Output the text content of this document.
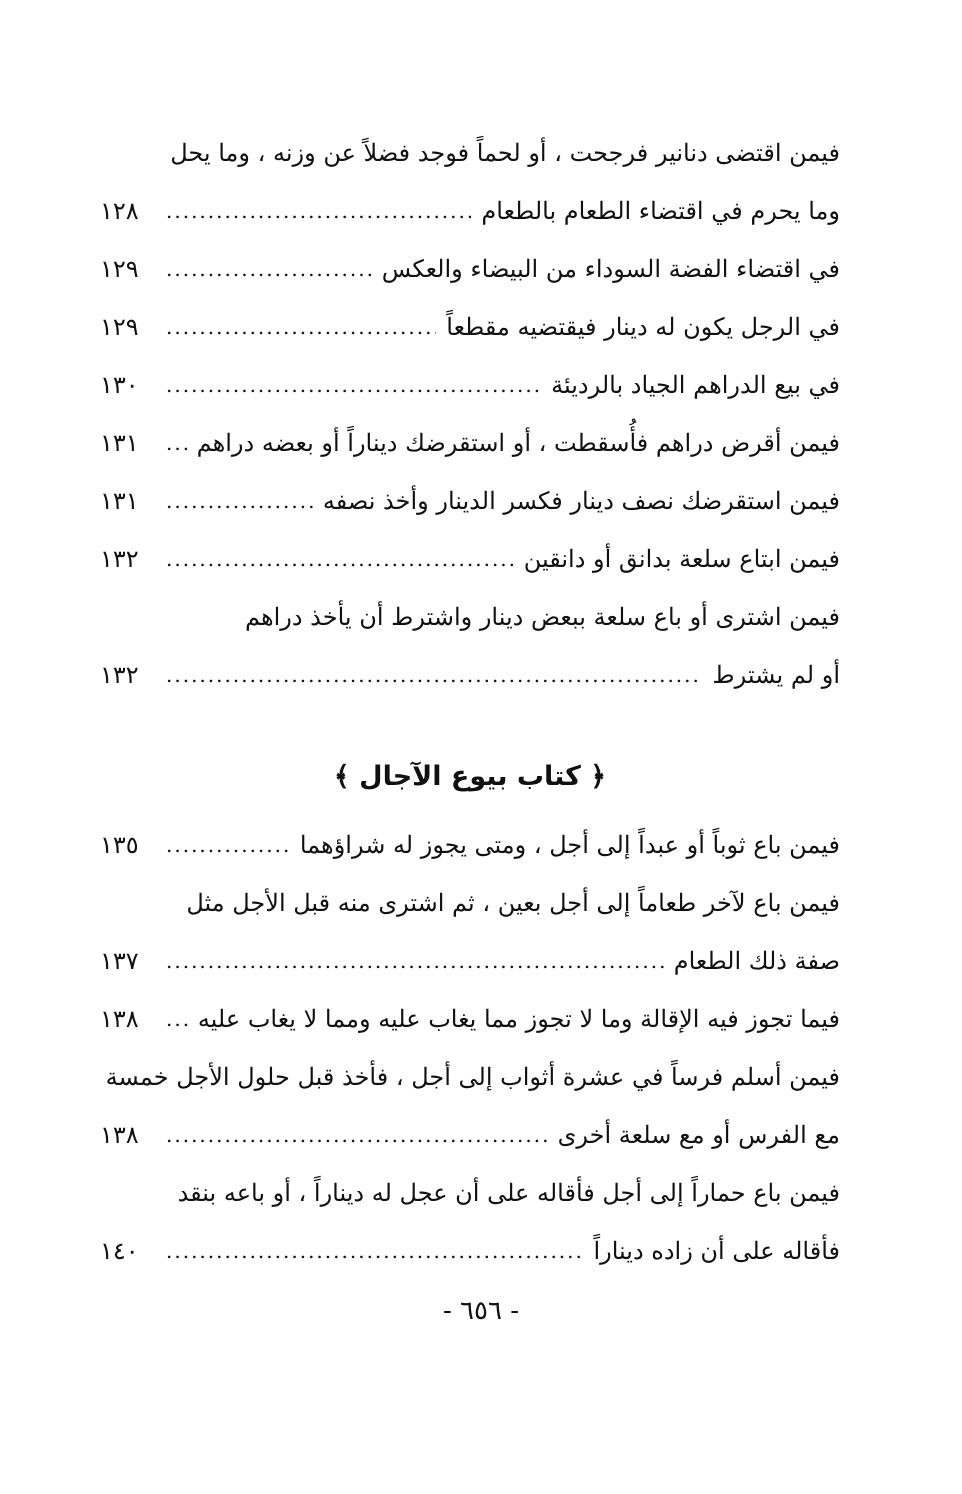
فيمن اقتضى دنانير فرجحت ، أو لحماً فوجد فضلاً عن وزنه ، وما يحل
وما يحرم في اقتضاء الطعام بالطعام
.....
١٢٨
في اقتضاء الفضة السوداء من البيضاء والعكس
.....
١٢٩
في الرجل يكون له دينار فيقتضيه مقطعاً
.....
١٢٩
في بيع الدراهم الجياد بالرديئة
.....
١٣٠
فيمن أقرض دراهم فأُسقطت ، أو استقرضك ديناراً أو بعضه دراهم
.....
١٣١
فيمن استقرضك نصف دينار فكسر الدينار وأخذ نصفه
.....
١٣١
فيمن ابتاع سلعة بدانق أو دانقين
.....
١٣٢
فيمن اشترى أو باع سلعة ببعض دينار واشترط أن يأخذ دراهم
أو لم يشترط
.....
١٣٢
﴿ كتاب بيوع الآجال ﴾
فيمن باع ثوباً أو عبداً إلى أجل ، ومتى يجوز له شراؤهما
.....
١٣٥
فيمن باع لآخر طعاماً إلى أجل بعين ، ثم اشترى منه قبل الأجل مثل
صفة ذلك الطعام
.....
١٣٧
فيما تجوز فيه الإقالة وما لا تجوز مما يغاب عليه ومما لا يغاب عليه
.....
١٣٨
فيمن أسلم فرساً في عشرة أثواب إلى أجل ، فأخذ قبل حلول الأجل خمسة
مع الفرس أو مع سلعة أخرى
.....
١٣٨
فيمن باع حماراً إلى أجل فأقاله على أن عجل له ديناراً ، أو باعه بنقد
فأقاله على أن زاده ديناراً
.....
١٤٠
- ٦٥٦ -
